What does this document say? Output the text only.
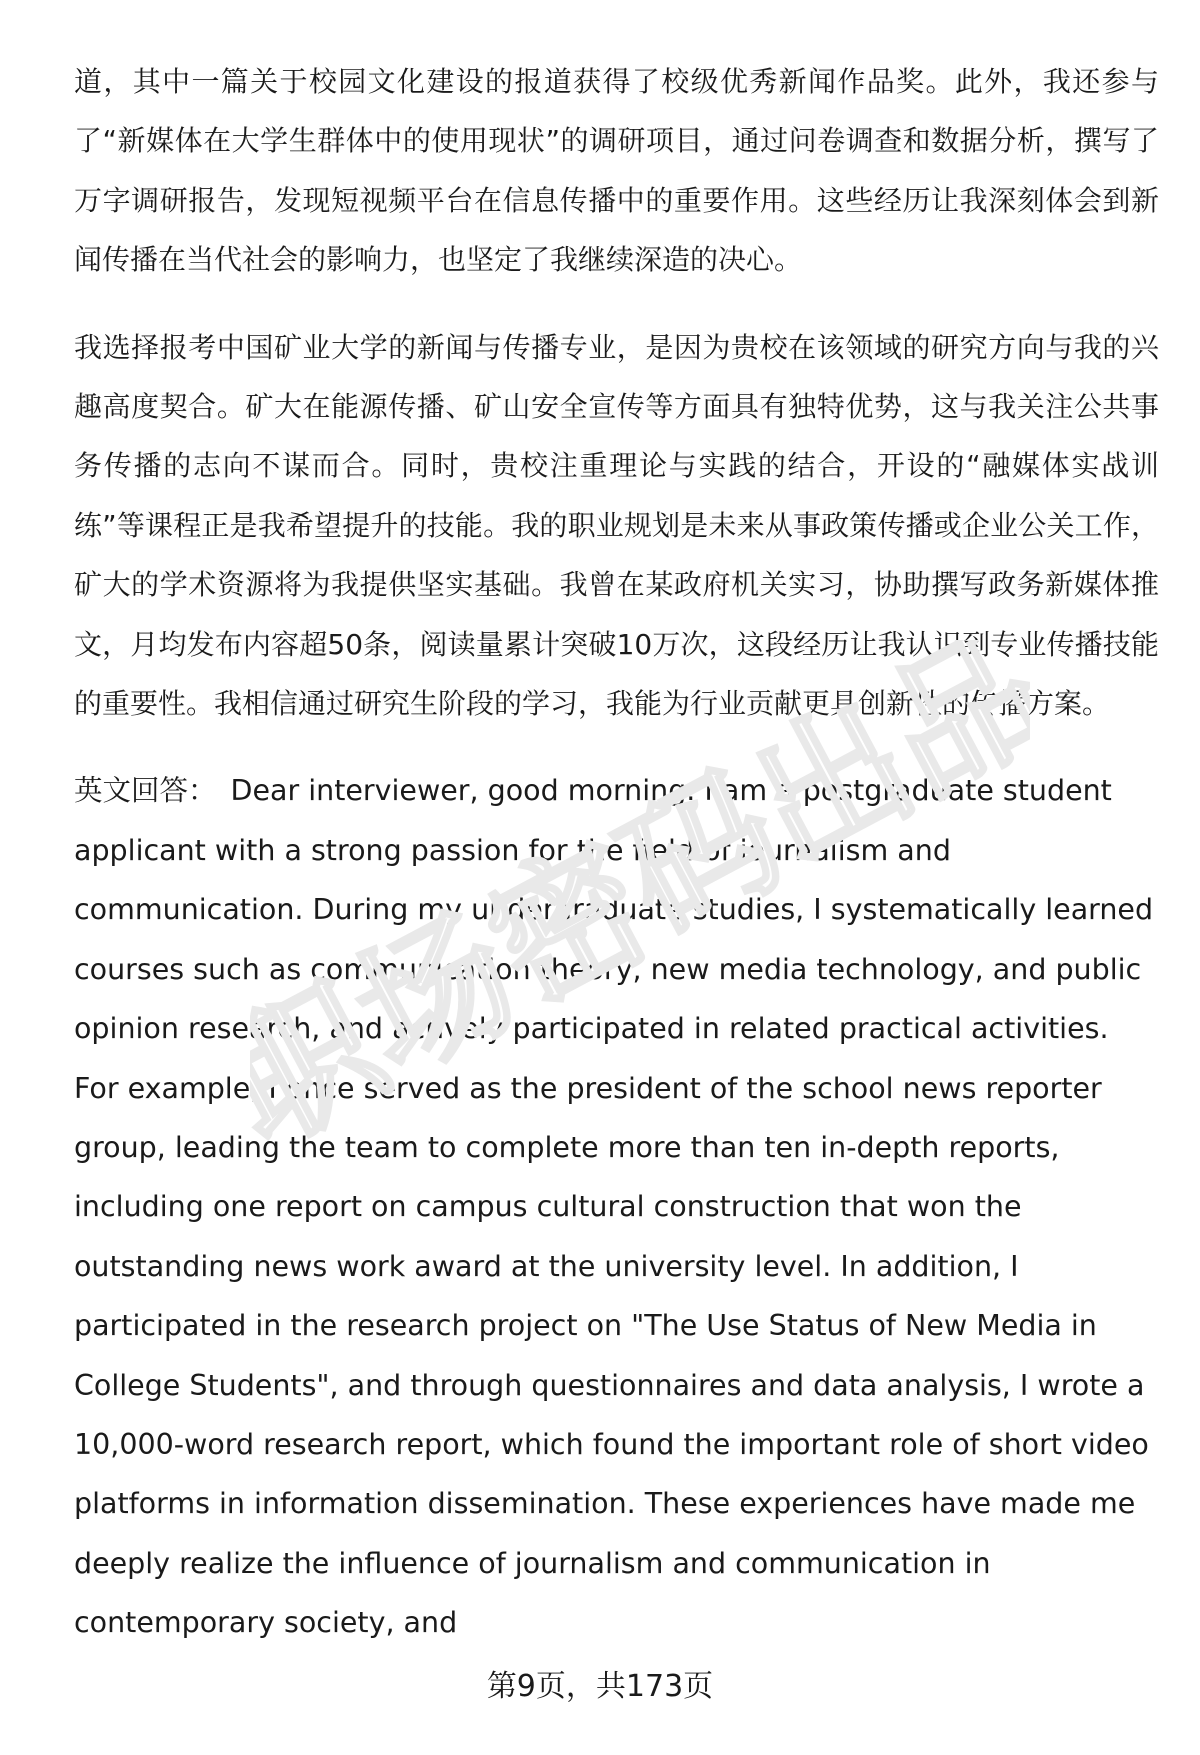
道，其中一篇关于校园文化建设的报道获得了校级优秀新闻作品奖。此外，我还参与了“新媒体在大学生群体中的使用现状”的调研项目，通过问卷调查和数据分析，撰写了万字调研报告，发现短视频平台在信息传播中的重要作用。这些经历让我深刻体会到新闻传播在当代社会的影响力，也坚定了我继续深造的决心。

我选择报考中国矿业大学的新闻与传播专业，是因为贵校在该领域的研究方向与我的兴趣高度契合。矿大在能源传播、矿山安全宣传等方面具有独特优势，这与我关注公共事务传播的志向不谋而合。同时，贵校注重理论与实践的结合，开设的“融媒体实战训练”等课程正是我希望提升的技能。我的职业规划是未来从事政策传播或企业公关工作，矿大的学术资源将为我提供坚实基础。我曾在某政府机关实习，协助撰写政务新媒体推文，月均发布内容超50条，阅读量累计突破10万次，这段经历让我认识到专业传播技能的重要性。我相信通过研究生阶段的学习，我能为行业贡献更具创新性的传播方案。

英文回答： Dear interviewer, good morning. I am a postgraduate student applicant with a strong passion for the field of journalism and communication. During my undergraduate studies, I systematically learned courses such as communication theory, new media technology, and public opinion research, and actively participated in related practical activities. For example, I once served as the president of the school news reporter group, leading the team to complete more than ten in-depth reports, including one report on campus cultural construction that won the outstanding news work award at the university level. In addition, I participated in the research project on "The Use Status of New Media in College Students", and through questionnaires and data analysis, I wrote a 10,000-word research report, which found the important role of short video platforms in information dissemination. These experiences have made me deeply realize the influence of journalism and communication in contemporary society, and

职场密码出品
第9页，共173页
